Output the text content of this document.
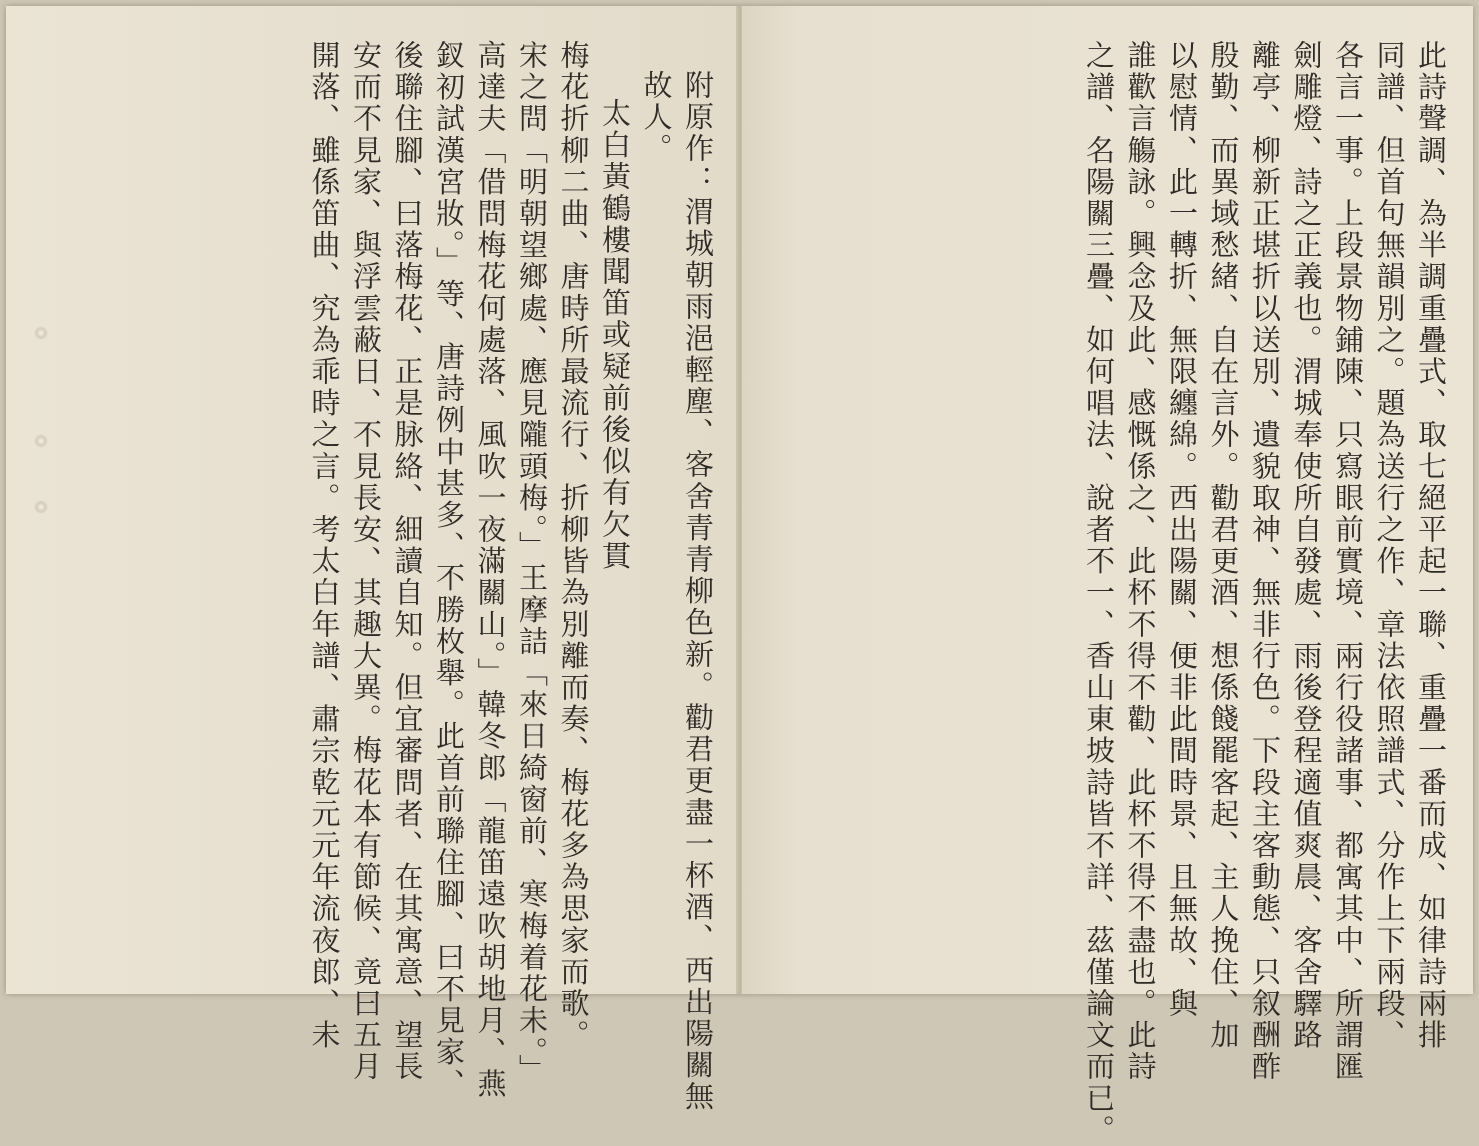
附原作：渭城朝雨浥輕塵、客舍青青柳色新。勸君更盡一杯酒、西出陽關無
故人。
太白黃鶴樓聞笛或疑前後似有欠貫
梅花折柳二曲、唐時所最流行、折柳皆為別離而奏、梅花多為思家而歌。
宋之問「明朝望鄉處、應見隴頭梅。」王摩詰「來日綺窗前、寒梅着花未。」
高達夫「借問梅花何處落、風吹一夜滿關山。」韓冬郎「龍笛遠吹胡地月、燕
釵初試漢宮妝。」等、唐詩例中甚多、不勝枚舉。此首前聯住腳、曰不見家、
後聯住腳、曰落梅花、正是脉絡、細讀自知。但宜審問者、在其寓意、望長
安而不見家、與浮雲蔽日、不見長安、其趣大異。梅花本有節候、竟曰五月
開落、雖係笛曲、究為乖時之言。考太白年譜、肅宗乾元元年流夜郎、未	此詩聲調、為半調重疊式、取七絕平起一聯、重疊一番而成、如律詩兩排
同譜、但首句無韻別之。題為送行之作、章法依照譜式、分作上下兩段、
各言一事。上段景物鋪陳、只寫眼前實境、兩行役諸事、都寓其中、所謂匯
劍雕燈、詩之正義也。渭城奉使所自發處、雨後登程適值爽晨、客舍驛路
離亭、柳新正堪折以送別、遺貌取神、無非行色。下段主客動態、只叙酬酢
殷勤、而異域愁緒、自在言外。勸君更酒、想係餞罷客起、主人挽住、加
以慰情、此一轉折、無限纏綿。西出陽關、便非此間時景、且無故、與
誰歡言觴詠。興念及此、感慨係之、此杯不得不勸、此杯不得不盡也。此詩
之譜、名陽關三疊、如何唱法、說者不一、香山東坡詩皆不詳、茲僅論文而已。
